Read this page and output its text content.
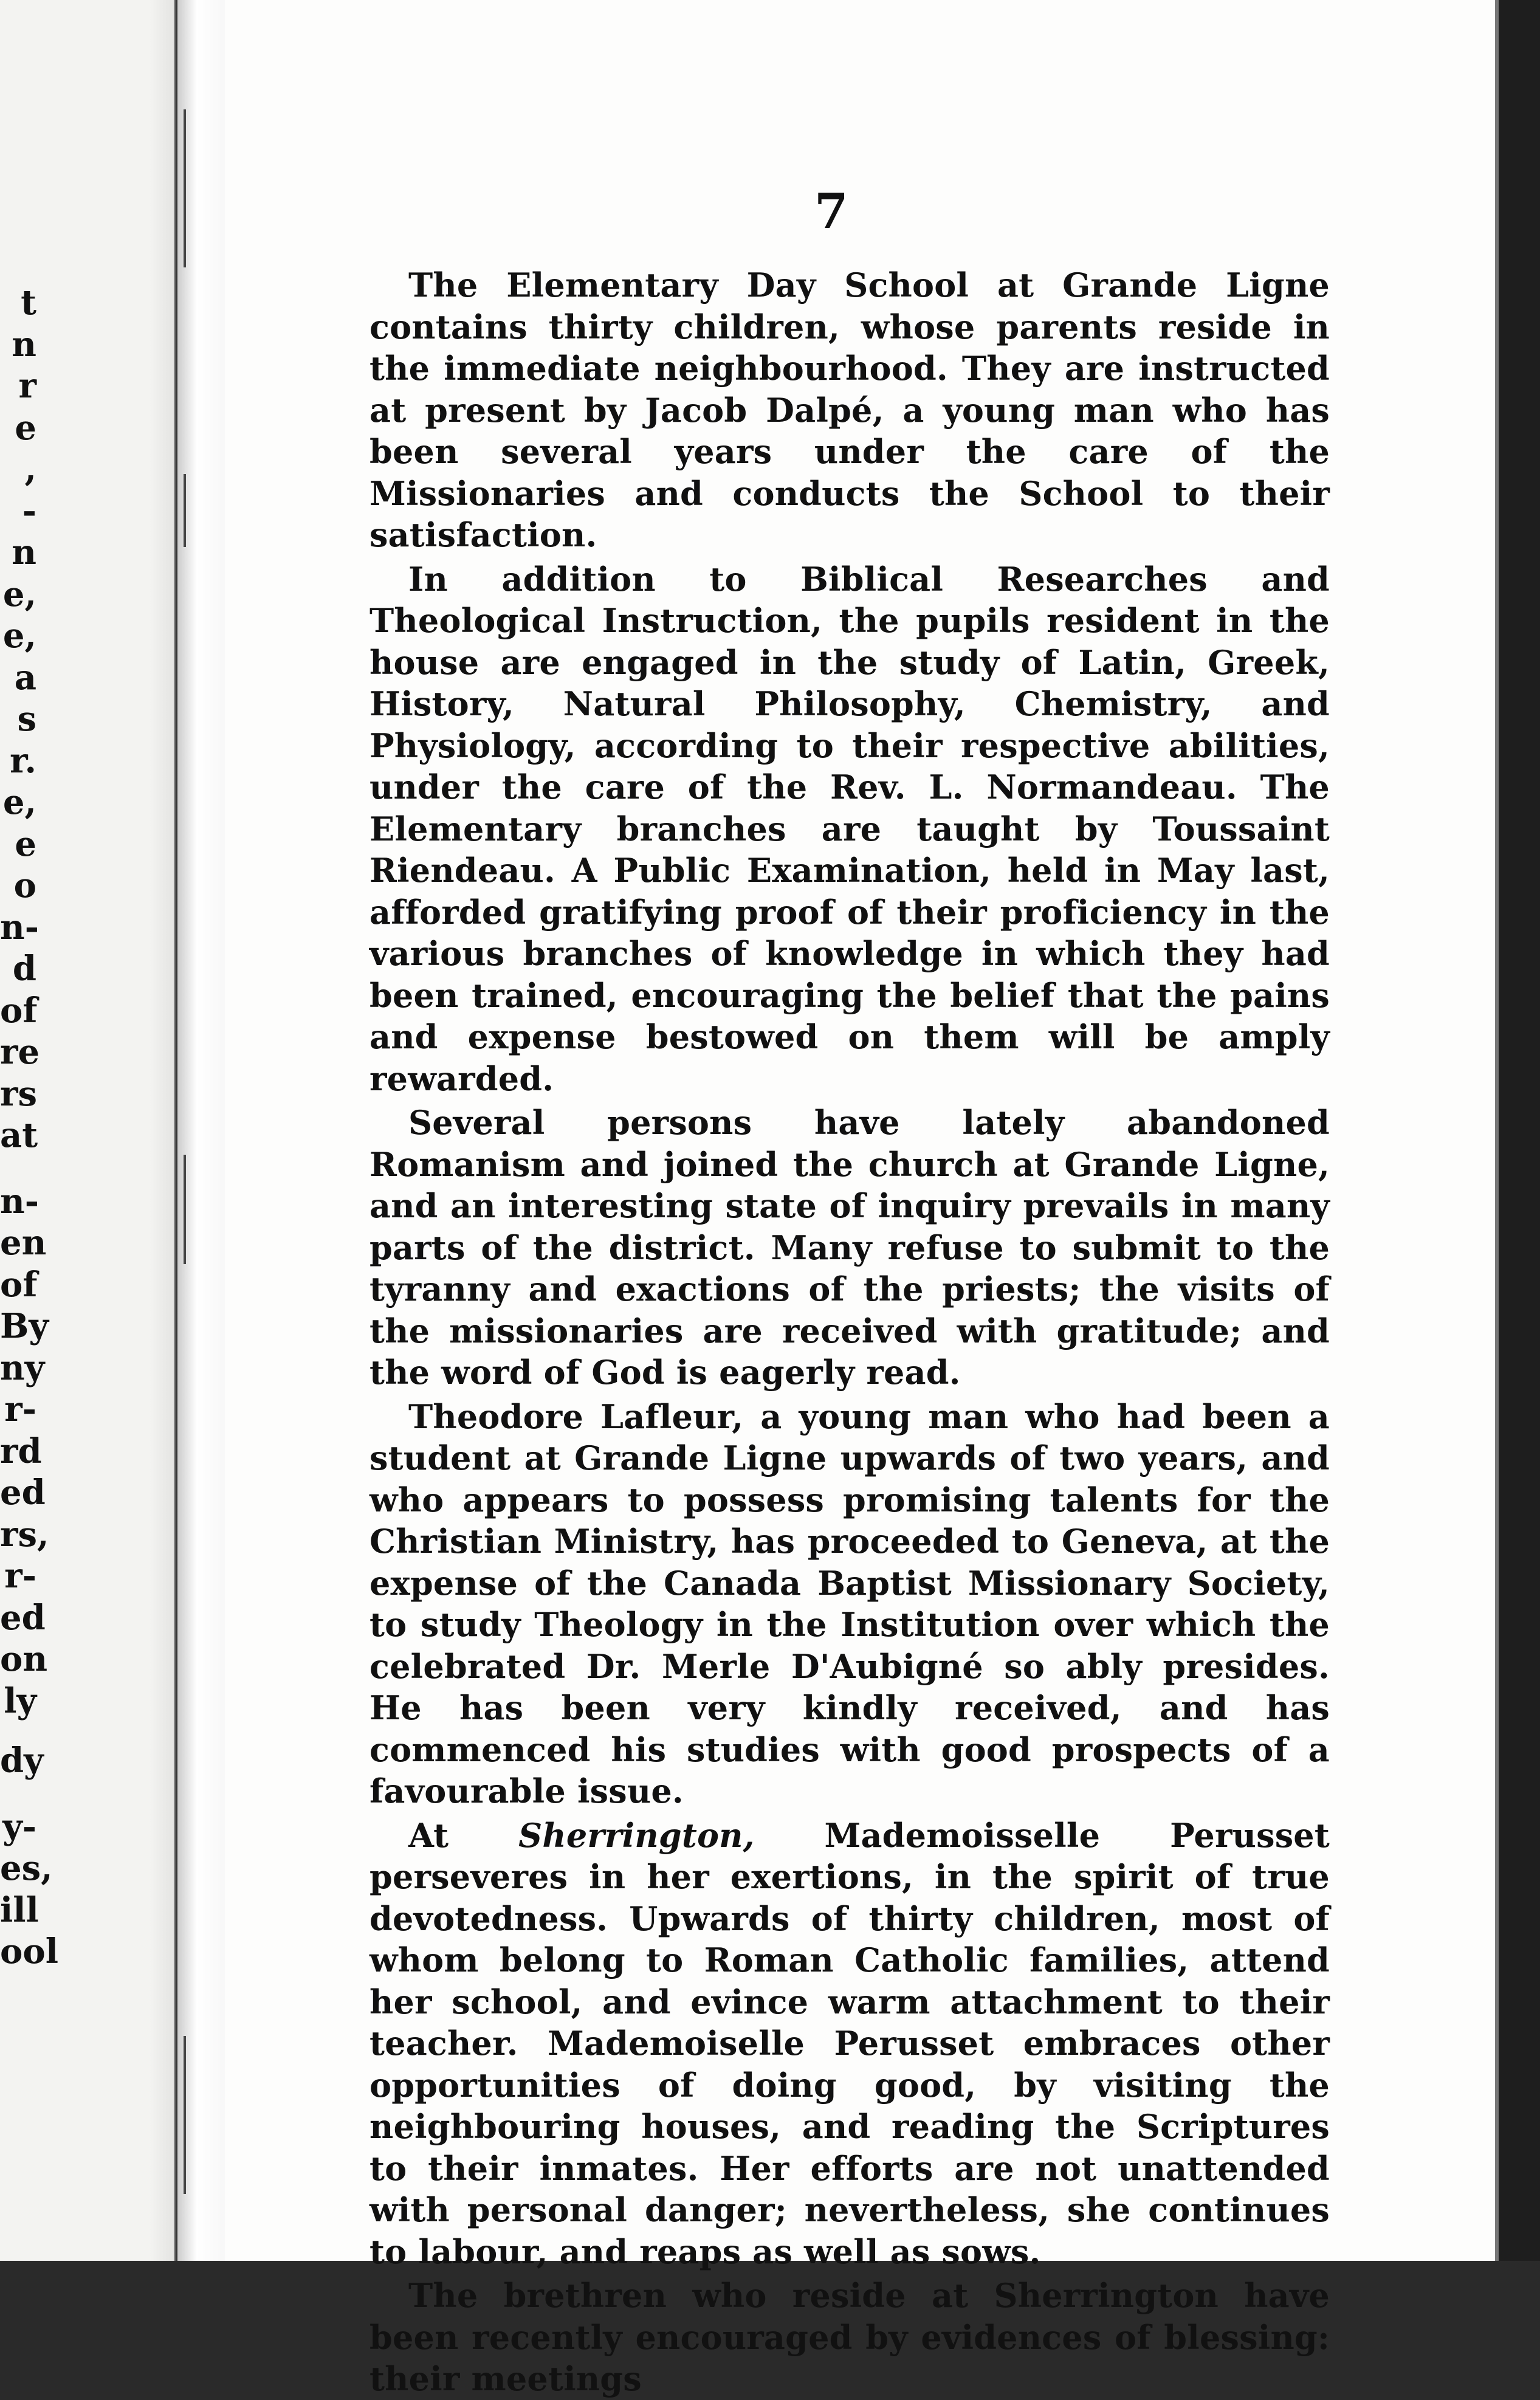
t
n
r
e
,
-
n
e,
e,
a
s
r.
e,
e
o
n-
d
of
re
rs
at
n-
en
of
By
ny
r-
rd
ed
rs,
r-
ed
on
ly
dy
y-
es,
ill
ool
7

The Elementary Day School at Grande Ligne contains thirty children, whose parents reside in the immediate neighbourhood. They are instructed at present by Jacob Dalpé, a young man who has been several years under the care of the Missionaries and conducts the School to their satisfaction.

In addition to Biblical Researches and Theological Instruction, the pupils resident in the house are engaged in the study of Latin, Greek, History, Natural Philosophy, Chemistry, and Physiology, according to their respective abilities, under the care of the Rev. L. Normandeau. The Elementary branches are taught by Toussaint Riendeau. A Public Examination, held in May last, afforded gratifying proof of their proficiency in the various branches of knowledge in which they had been trained, encouraging the belief that the pains and expense bestowed on them will be amply rewarded.

Several persons have lately abandoned Romanism and joined the church at Grande Ligne, and an interesting state of inquiry prevails in many parts of the district. Many refuse to submit to the tyranny and exactions of the priests; the visits of the missionaries are received with gratitude; and the word of God is eagerly read.

Theodore Lafleur, a young man who had been a student at Grande Ligne upwards of two years, and who appears to possess promising talents for the Christian Ministry, has proceeded to Geneva, at the expense of the Canada Baptist Missionary Society, to study Theology in the Institution over which the celebrated Dr. Merle D'Aubigné so ably presides. He has been very kindly received, and has commenced his studies with good prospects of a favourable issue.

At Sherrington, Mademoisselle Perusset perseveres in her exertions, in the spirit of true devotedness. Upwards of thirty children, most of whom belong to Roman Catholic families, attend her school, and evince warm attachment to their teacher. Mademoiselle Perusset embraces other opportunities of doing good, by visiting the neighbouring houses, and reading the Scriptures to their inmates. Her efforts are not unattended with personal danger; nevertheless, she continues to labour, and reaps as well as sows.

The brethren who reside at Sherrington have been recently encouraged by evidences of blessing: their meetings
